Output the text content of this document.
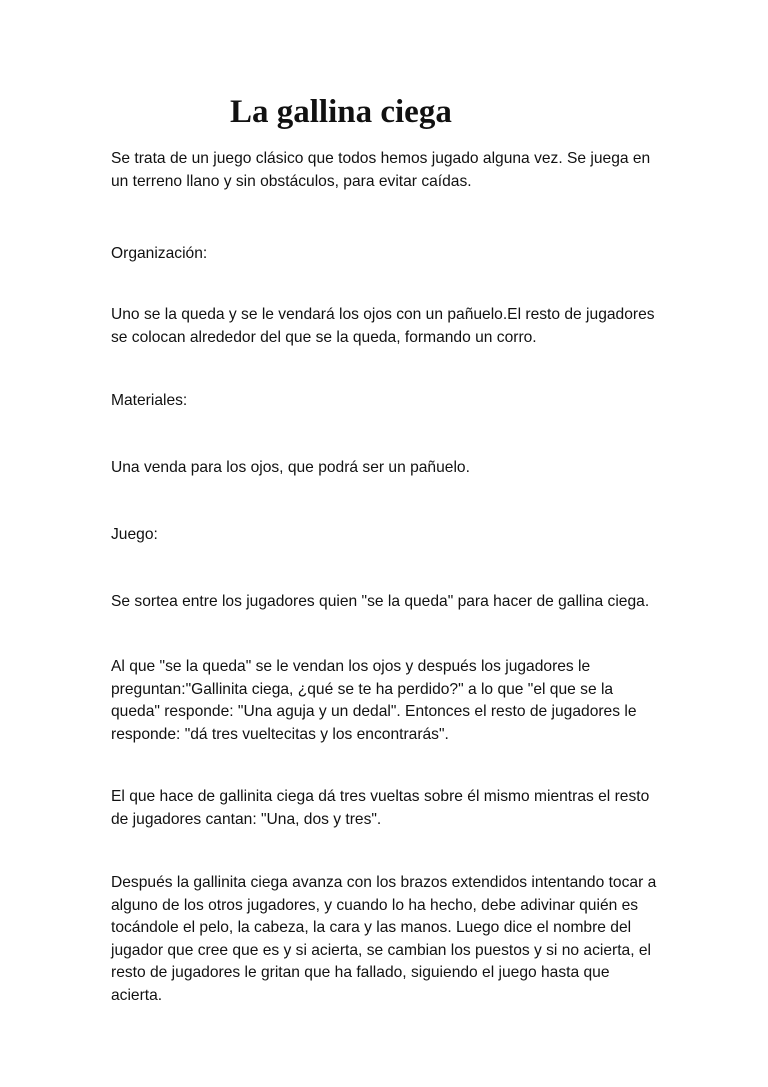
La gallina ciega

Se trata de un juego clásico que todos hemos jugado alguna vez. Se juega en
un terreno llano y sin obstáculos, para evitar caídas.

Organización:

Uno se la queda y se le vendará los ojos con un pañuelo.El resto de jugadores
se colocan alrededor del que se la queda, formando un corro.

Materiales:

Una venda para los ojos, que podrá ser un pañuelo.

Juego:

Se sortea entre los jugadores quien "se la queda" para hacer de gallina ciega.

Al que "se la queda" se le vendan los ojos y después los jugadores le
preguntan:"Gallinita ciega, ¿qué se te ha perdido?" a lo que "el que se la
queda" responde: "Una aguja y un dedal". Entonces el resto de jugadores le
responde: "dá tres vueltecitas y los encontrarás".

El que hace de gallinita ciega dá tres vueltas sobre él mismo mientras el resto
de jugadores cantan: "Una, dos y tres".

Después la gallinita ciega avanza con los brazos extendidos intentando tocar a
alguno de los otros jugadores, y cuando lo ha hecho, debe adivinar quién es
tocándole el pelo, la cabeza, la cara y las manos. Luego dice el nombre del
jugador que cree que es y si acierta, se cambian los puestos y si no acierta, el
resto de jugadores le gritan que ha fallado, siguiendo el juego hasta que
acierta.
